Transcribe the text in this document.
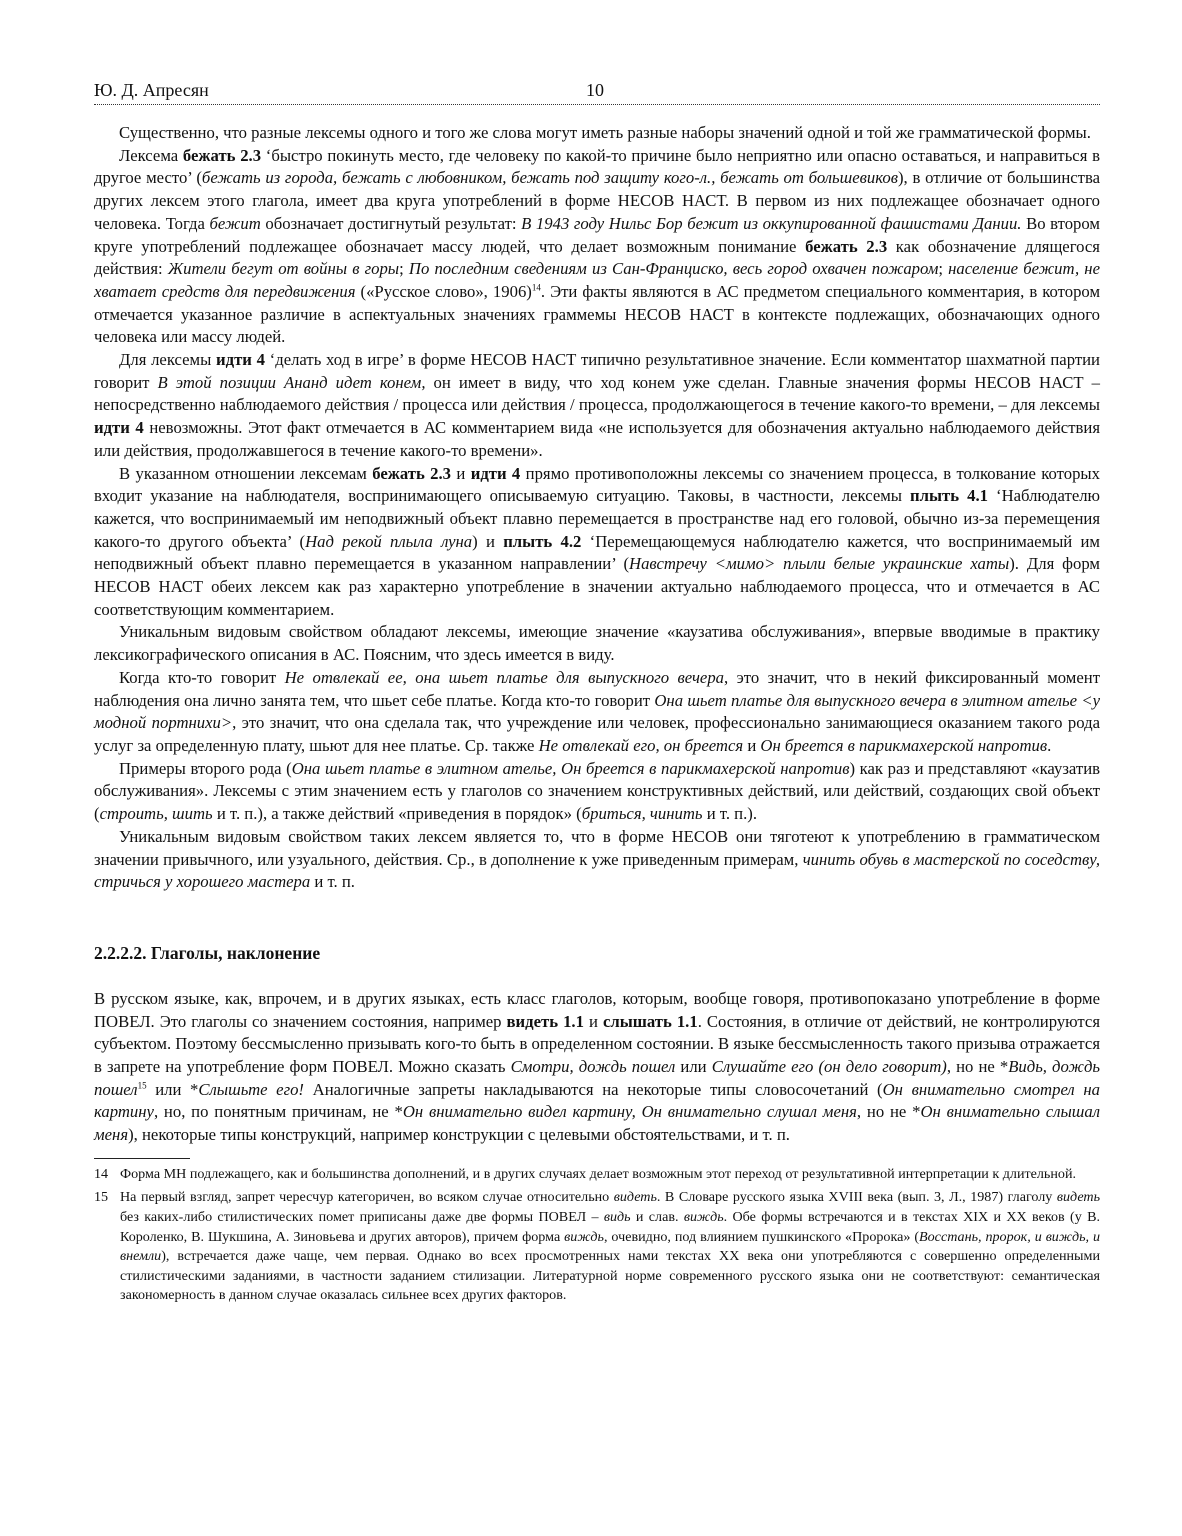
Ю. Д. Апресян	10

Существенно, что разные лексемы одного и того же слова могут иметь разные наборы значений одной и той же грамматической формы.

Лексема бежать 2.3 ‘быстро покинуть место, где человеку по какой-то причине было неприятно или опасно оставаться, и направиться в другое место’ (бежать из города, бежать с любовником, бежать под защиту кого-л., бежать от большевиков), в отличие от большинства других лексем этого глагола, имеет два круга употреблений в форме НЕСОВ НАСТ. В первом из них подлежащее обозначает одного человека. Тогда бежит обозначает достигнутый результат: В 1943 году Нильс Бор бежит из оккупированной фашистами Дании. Во втором круге употреблений подлежащее обозначает массу людей, что делает возможным понимание бежать 2.3 как обозначение длящегося действия: Жители бегут от войны в горы; По последним сведениям из Сан-Франциско, весь город охвачен пожаром; население бежит, не хватает средств для передвижения («Русское слово», 1906)$^{14}$. Эти факты являются в АС предметом специального комментария, в котором отмечается указанное различие в аспектуальных значениях граммемы НЕСОВ НАСТ в контексте подлежащих, обозначающих одного человека или массу людей.

Для лексемы идти 4 ‘делать ход в игре’ в форме НЕСОВ НАСТ типично результативное значение. Если комментатор шахматной партии говорит В этой позиции Ананд идет конем, он имеет в виду, что ход конем уже сделан. Главные значения формы НЕСОВ НАСТ – непосредственно наблюдаемого действия / процесса или действия / процесса, продолжающегося в течение какого-то времени, – для лексемы идти 4 невозможны. Этот факт отмечается в АС комментарием вида «не используется для обозначения актуально наблюдаемого действия или действия, продолжавшегося в течение какого-то времени».

В указанном отношении лексемам бежать 2.3 и идти 4 прямо противоположны лексемы со значением процесса, в толкование которых входит указание на наблюдателя, воспринимающего описываемую ситуацию. Таковы, в частности, лексемы плыть 4.1 ‘Наблюдателю кажется, что воспринимаемый им неподвижный объект плавно перемещается в пространстве над его головой, обычно из-за перемещения какого-то другого объекта’ (Над рекой плыла луна) и плыть 4.2 ‘Перемещающемуся наблюдателю кажется, что воспринимаемый им неподвижный объект плавно перемещается в указанном направлении’ (Навстречу <мимо> плыли белые украинские хаты). Для форм НЕСОВ НАСТ обеих лексем как раз характерно употребление в значении актуально наблюдаемого процесса, что и отмечается в АС соответствующим комментарием.

Уникальным видовым свойством обладают лексемы, имеющие значение «каузатива обслуживания», впервые вводимые в практику лексикографического описания в АС. Поясним, что здесь имеется в виду.

Когда кто-то говорит Не отвлекай ее, она шьет платье для выпускного вечера, это значит, что в некий фиксированный момент наблюдения она лично занята тем, что шьет себе платье. Когда кто-то говорит Она шьет платье для выпускного вечера в элитном ателье <у модной портнихи>, это значит, что она сделала так, что учреждение или человек, профессионально занимающиеся оказанием такого рода услуг за определенную плату, шьют для нее платье. Ср. также Не отвлекай его, он бреется и Он бреется в парикмахерской напротив.

Примеры второго рода (Она шьет платье в элитном ателье, Он бреется в парикмахерской напротив) как раз и представляют «каузатив обслуживания». Лексемы с этим значением есть у глаголов со значением конструктивных действий, или действий, создающих свой объект (строить, шить и т. п.), а также действий «приведения в порядок» (бриться, чинить и т. п.).

Уникальным видовым свойством таких лексем является то, что в форме НЕСОВ они тяготеют к употреблению в грамматическом значении привычного, или узуального, действия. Ср., в дополнение к уже приведенным примерам, чинить обувь в мастерской по соседству, стричься у хорошего мастера и т. п.

2.2.2.2. Глаголы, наклонение

В русском языке, как, впрочем, и в других языках, есть класс глаголов, которым, вообще говоря, противопоказано употребление в форме ПОВЕЛ. Это глаголы со значением состояния, например видеть 1.1 и слышать 1.1. Состояния, в отличие от действий, не контролируются субъектом. Поэтому бессмысленно призывать кого-то быть в определенном состоянии. В языке бессмысленность такого призыва отражается в запрете на употребление форм ПОВЕЛ. Можно сказать Смотри, дождь пошел или Слушайте его (он дело говорит), но не *Видь, дождь пошел$^{15}$ или *Слышьте его! Аналогичные запреты накладываются на некоторые типы словосочетаний (Он внимательно смотрел на картину, но, по понятным причинам, не *Он внимательно видел картину, Он внимательно слушал меня, но не *Он внимательно слышал меня), некоторые типы конструкций, например конструкции с целевыми обстоятельствами, и т. п.

14 Форма МН подлежащего, как и большинства дополнений, и в других случаях делает возможным этот переход от результативной интерпретации к длительной.
15 На первый взгляд, запрет чересчур категоричен, во всяком случае относительно видеть. В Словаре русского языка XVIII века (вып. 3, Л., 1987) глаголу видеть без каких-либо стилистических помет приписаны даже две формы ПОВЕЛ – видь и слав. виждь. Обе формы встречаются и в текстах XIX и XX веков (у В. Короленко, В. Шукшина, А. Зиновьева и других авторов), причем форма виждь, очевидно, под влиянием пушкинского «Пророка» (Восстань, пророк, и виждь, и внемли), встречается даже чаще, чем первая. Однако во всех просмотренных нами текстах XX века они употребляются с совершенно определенными стилистическими заданиями, в частности заданием стилизации. Литературной норме современного русского языка они не соответствуют: семантическая закономерность в данном случае оказалась сильнее всех других факторов.
